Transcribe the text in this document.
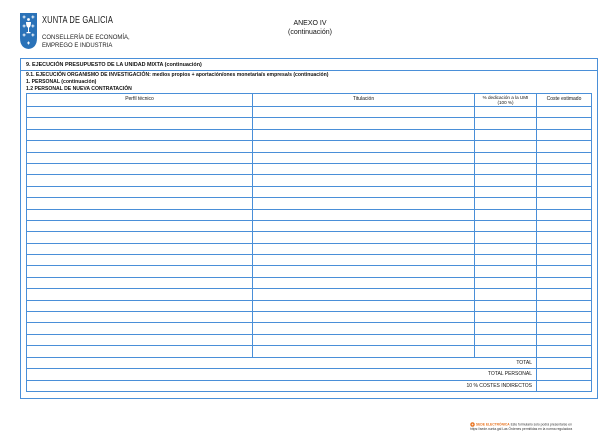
XUNTA DE GALICIA
CONSELLERÍA DE ECONOMÍA,
EMPREGO E INDUSTRIA
ANEXO IV
(continuación)
9. EJECUCIÓN PRESUPUESTO DE LA UNIDAD MIXTA (continuación)
9.1. EJECUCIÓN ORGANISMO DE INVESTIGACIÓN: medios propios + aportación/ones monetaria/s empresa/s (continuación)
1. PERSONAL (continuación)
1.2 PERSONAL DE NUEVA CONTRATACIÓN
Perfil técnico	Titulación	% dedicación a la UMI
(100 %)
Coste estimado
TOTAL
TOTAL PERSONAL
10 % COSTES INDIRECTOS
SEDE ELECTRÓNICA Este formulario solo podrá presentarse en
https://sede.xunta.gal Las Órdenes permitidas en la norma reguladora
